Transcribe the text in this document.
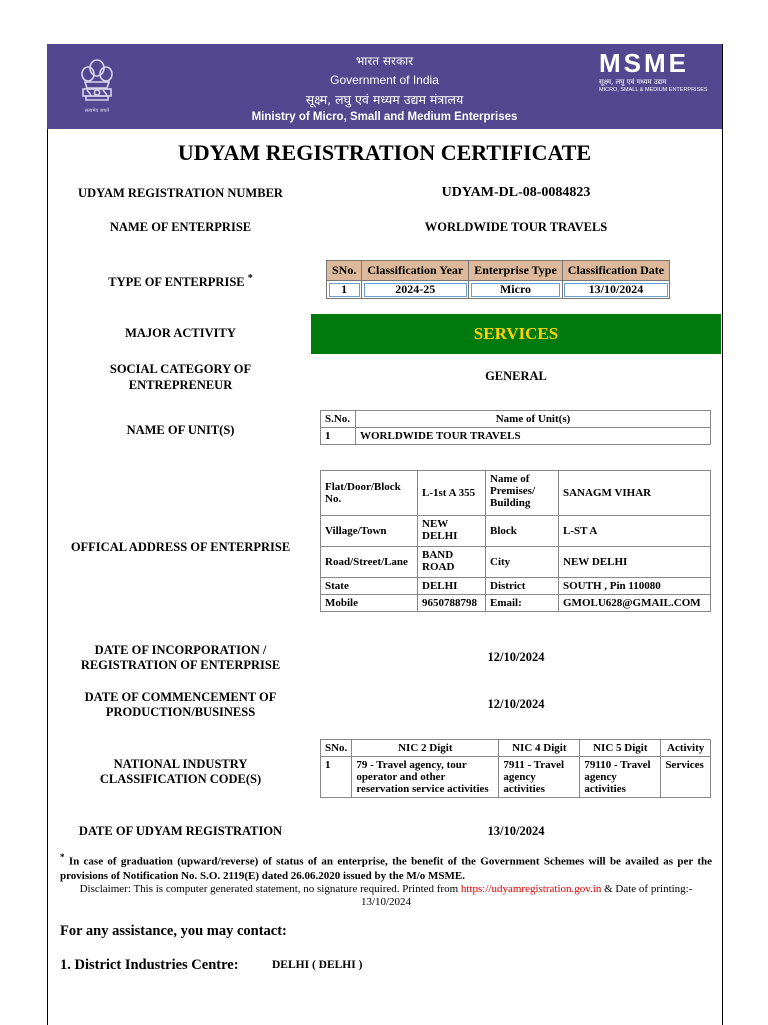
सत्यमेव जयते
भारत सरकार
Government of India
सूक्ष्म, लघु एवं मध्यम उद्यम मंत्रालय
Ministry of Micro, Small and Medium Enterprises
MSME
सूक्ष्म, लघु एवं मध्यम उद्यम
MICRO, SMALL & MEDIUM ENTERPRISES
UDYAM REGISTRATION CERTIFICATE
UDYAM REGISTRATION NUMBER	UDYAM-DL-08-0084823
NAME OF ENTERPRISE	WORLDWIDE TOUR TRAVELS
TYPE OF ENTERPRISE *
SNo.	Classification Year	Enterprise Type	Classification Date
1	2024-25	Micro	13/10/2024
MAJOR ACTIVITY	SERVICES
SOCIAL CATEGORY OF
ENTREPRENEUR
GENERAL
NAME OF UNIT(S)
S.No.	Name of Unit(s)
1	WORLDWIDE TOUR TRAVELS
OFFICAL ADDRESS OF ENTERPRISE
Flat/Door/Block No.	L-1st A 355	Name of Premises/ Building	SANAGM VIHAR
Village/Town	NEW DELHI	Block	L-ST A
Road/Street/Lane	BAND ROAD	City	NEW DELHI
State	DELHI	District	SOUTH , Pin 110080
Mobile	9650788798	Email:	GMOLU628@GMAIL.COM
DATE OF INCORPORATION /
REGISTRATION OF ENTERPRISE
12/10/2024
DATE OF COMMENCEMENT OF
PRODUCTION/BUSINESS
12/10/2024
NATIONAL INDUSTRY
CLASSIFICATION CODE(S)
SNo.	NIC 2 Digit	NIC 4 Digit	NIC 5 Digit	Activity
1	79 - Travel agency, tour operator and other reservation service activities	7911 - Travel agency activities	79110 - Travel agency activities	Services
DATE OF UDYAM REGISTRATION	13/10/2024
* In case of graduation (upward/reverse) of status of an enterprise, the benefit of the Government Schemes will be availed as per the provisions of Notification No. S.O. 2119(E) dated 26.06.2020 issued by the M/o MSME.
Disclaimer: This is computer generated statement, no signature required. Printed from https://udyamregistration.gov.in & Date of printing:-
13/10/2024
For any assistance, you may contact:
1. District Industries Centre:	DELHI ( DELHI )
